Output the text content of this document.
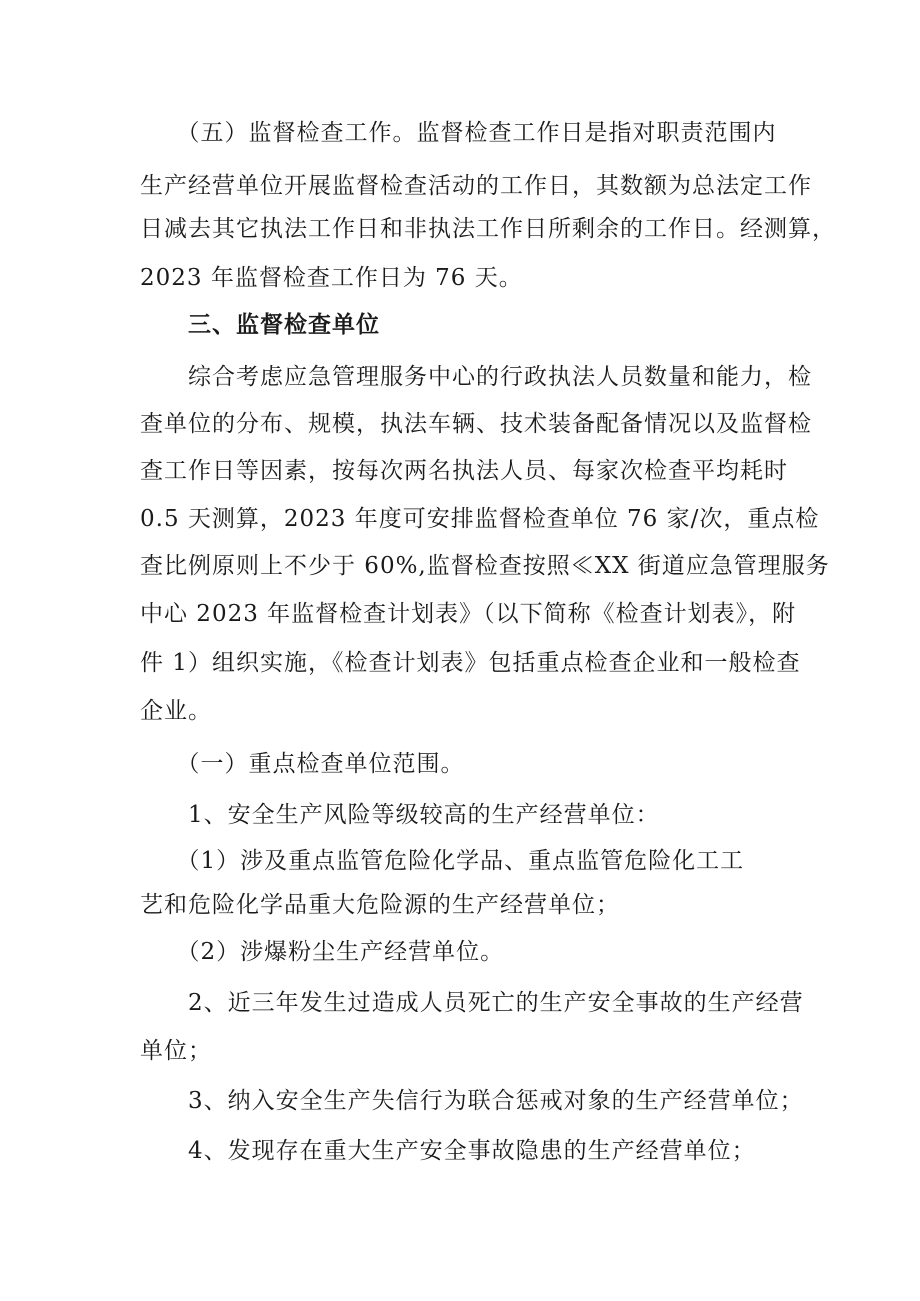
　　（五）监督检查工作。监督检查工作日是指对职责范围内
生产经营单位开展监督检查活动的工作日，其数额为总法定工作
日减去其它执法工作日和非执法工作日所剩余的工作日。经测算，
2023 年监督检查工作日为 76 天。
　　三、监督检查单位
　　综合考虑应急管理服务中心的行政执法人员数量和能力，检
查单位的分布、规模，执法车辆、技术装备配备情况以及监督检
查工作日等因素，按每次两名执法人员、每家次检查平均耗时
0.5 天测算，2023 年度可安排监督检查单位 76 家/次，重点检
查比例原则上不少于 60%,监督检查按照≪XX 街道应急管理服务
中心 2023 年监督检查计划表》（以下简称《检查计划表》，附
件 1）组织实施，《检查计划表》包括重点检查企业和一般检查
企业。
　　（一）重点检查单位范围。
　　1、安全生产风险等级较高的生产经营单位：
　　（1）涉及重点监管危险化学品、重点监管危险化工工
艺和危险化学品重大危险源的生产经营单位；
　　（2）涉爆粉尘生产经营单位。
　　2、近三年发生过造成人员死亡的生产安全事故的生产经营
单位；
　　3、纳入安全生产失信行为联合惩戒对象的生产经营单位；
　　4、发现存在重大生产安全事故隐患的生产经营单位；
